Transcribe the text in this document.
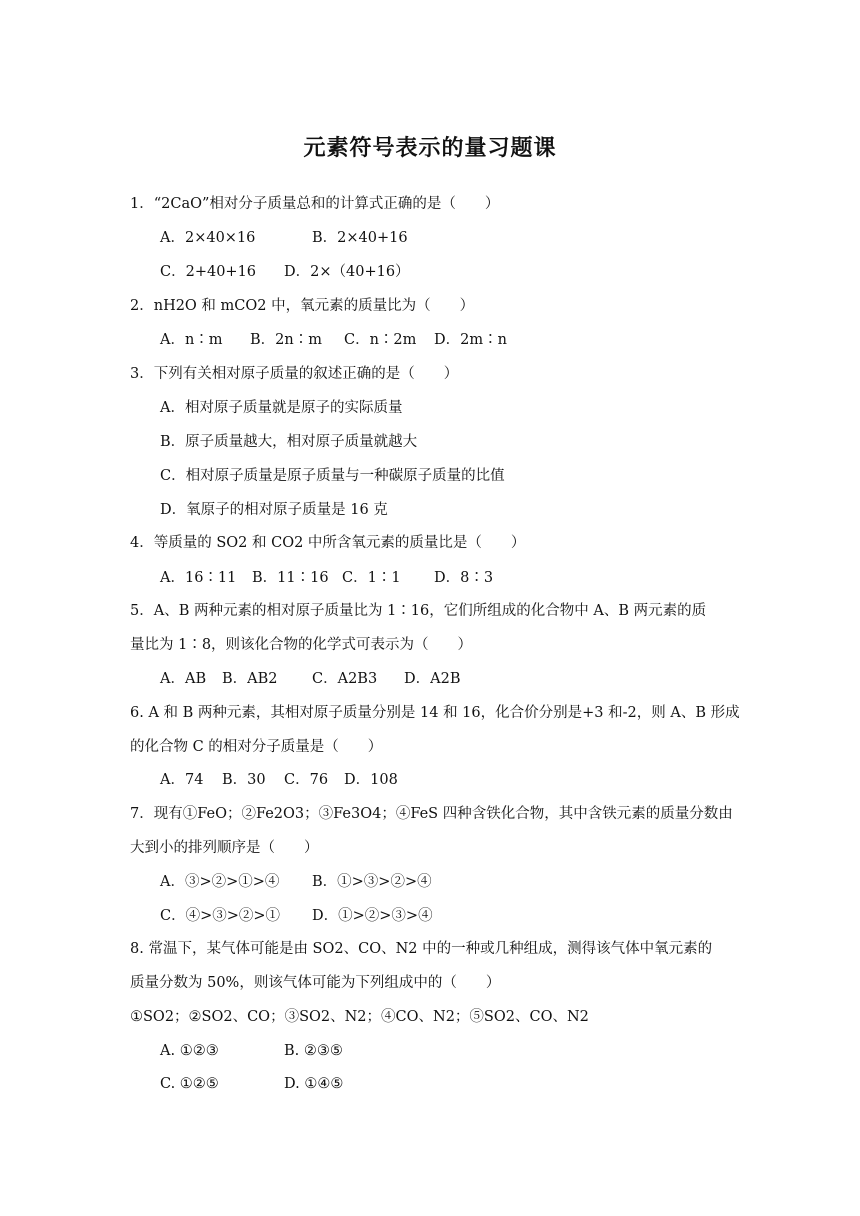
元素符号表示的量习题课
1．“2CaO”相对分子质量总和的计算式正确的是（　　）
A．2×40×16	B．2×40+16
C．2+40+16 D．2×（40+16）
2．nH2O 和 mCO2 中，氧元素的质量比为（　　）
A．n∶m B．2n∶m C．n∶2m D．2m∶n
3．下列有关相对原子质量的叙述正确的是（　　）
A．相对原子质量就是原子的实际质量
B．原子质量越大，相对原子质量就越大
C．相对原子质量是原子质量与一种碳原子质量的比值
D．氧原子的相对原子质量是 16 克
4．等质量的 SO2 和 CO2 中所含氧元素的质量比是（　　）
A．16∶11 B．11∶16 C．1∶1 D．8∶3
5．A、B 两种元素的相对原子质量比为 1∶16，它们所组成的化合物中 A、B 两元素的质
量比为 1∶8，则该化合物的化学式可表示为（　　）
A．AB B．AB2 C．A2B3 D．A2B
6. A 和 B 两种元素，其相对原子质量分别是 14 和 16，化合价分别是+3 和-2，则 A、B 形成
的化合物 C 的相对分子质量是（　　）
A．74 B．30 C．76 D．108
7．现有①FeO；②Fe2O3；③Fe3O4；④FeS 四种含铁化合物，其中含铁元素的质量分数由
大到小的排列顺序是（　　）
A．③>②>①>④ B．①>③>②>④
C．④>③>②>① D．①>②>③>④
8. 常温下，某气体可能是由 SO2、CO、N2 中的一种或几种组成，测得该气体中氧元素的
质量分数为 50%，则该气体可能为下列组成中的（　　）
①SO2；②SO2、CO；③SO2、N2；④CO、N2；⑤SO2、CO、N2
A. ①②③	B. ②③⑤
C. ①②⑤	D. ①④⑤
